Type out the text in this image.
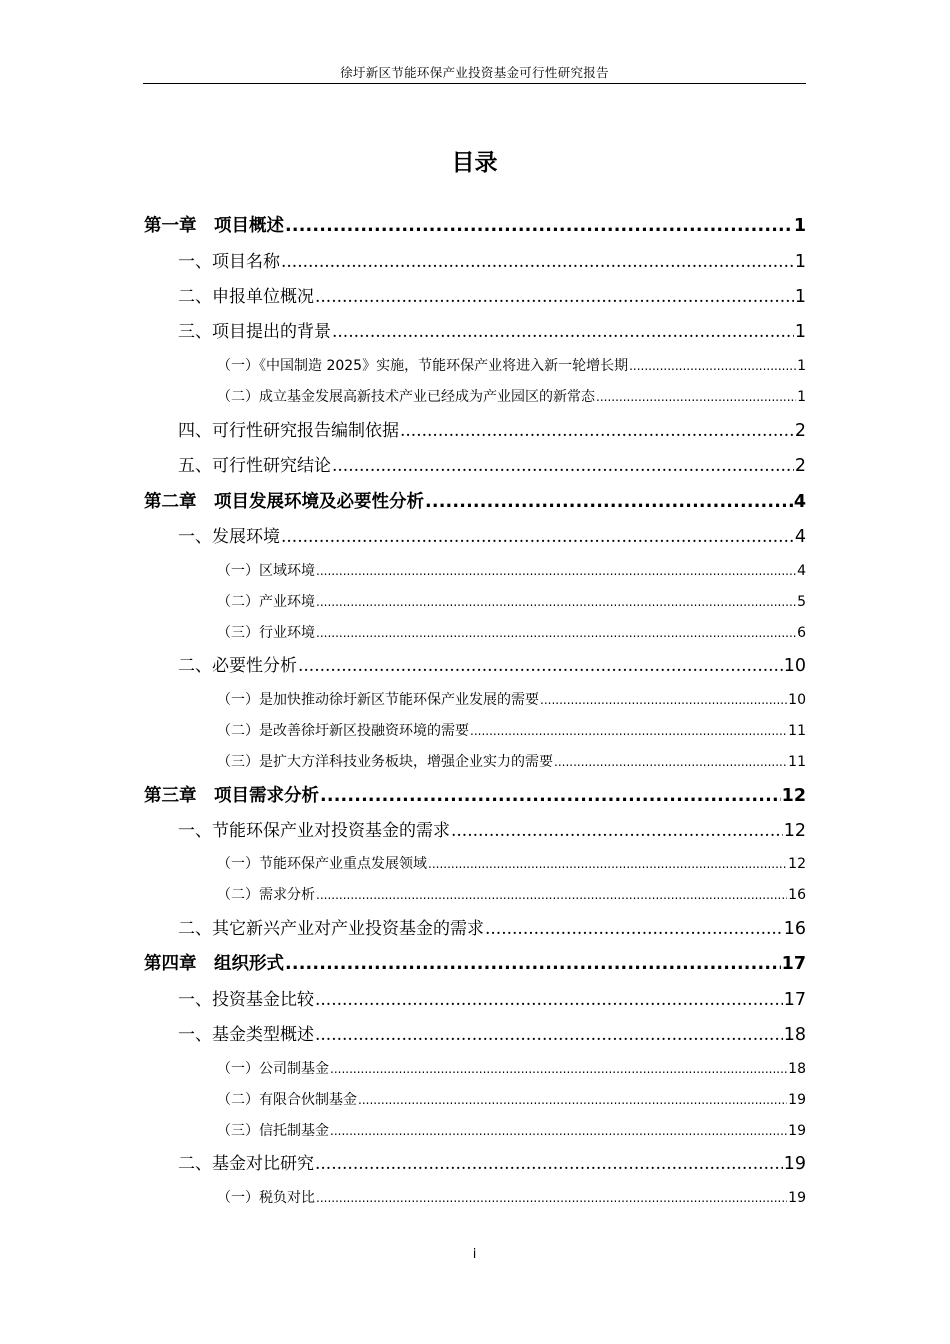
徐圩新区节能环保产业投资基金可行性研究报告
目录
第一章　项目概述 .....	1
一、项目名称 .....	1
二、申报单位概况 .....	1
三、项目提出的背景 .....	1
（一）《中国制造 2025》实施，节能环保产业将进入新一轮增长期 .....	1
（二）成立基金发展高新技术产业已经成为产业园区的新常态 .....	1
四、可行性研究报告编制依据 .....	2
五、可行性研究结论 .....	2
第二章　项目发展环境及必要性分析 .....	4
一、发展环境 .....	4
（一）区域环境 .....	4
（二）产业环境 .....	5
（三）行业环境 .....	6
二、必要性分析 .....	10
（一）是加快推动徐圩新区节能环保产业发展的需要 .....	10
（二）是改善徐圩新区投融资环境的需要 .....	11
（三）是扩大方洋科技业务板块，增强企业实力的需要 .....	11
第三章　项目需求分析 .....	12
一、节能环保产业对投资基金的需求 .....	12
（一）节能环保产业重点发展领域 .....	12
（二）需求分析 .....	16
二、其它新兴产业对产业投资基金的需求 .....	16
第四章　组织形式 .....	17
一、投资基金比较 .....	17
一、基金类型概述 .....	18
（一）公司制基金 .....	18
（二）有限合伙制基金 .....	19
（三）信托制基金 .....	19
二、基金对比研究 .....	19
（一）税负对比 .....	19
i
